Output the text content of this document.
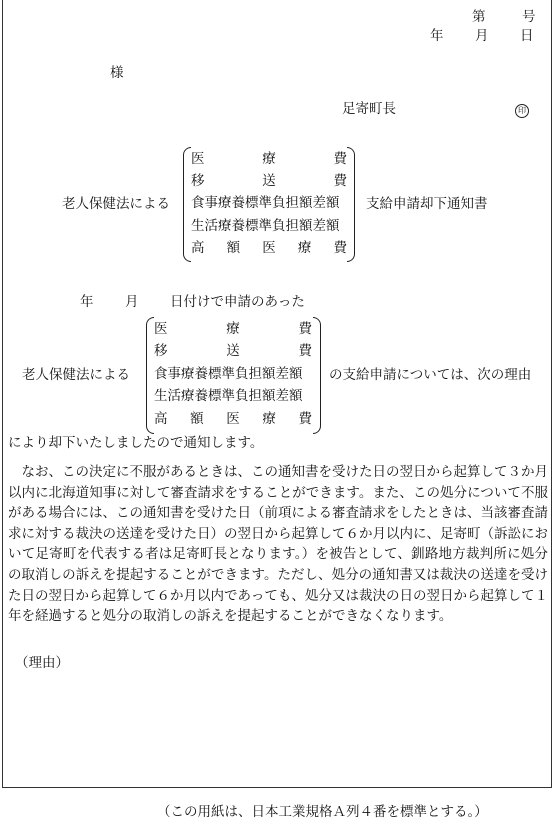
第	号
年 月 日
様
足寄町長	印
老人保健法による
医	療	費
移	送	費
食事療養標準負担額差額
生活療養標準負担額差額
高 額 医 療 費
支給申請却下通知書
年 月 日付けで申請のあった
老人保健法による
医	療	費
移	送	費
食事療養標準負担額差額
生活療養標準負担額差額
高 額 医 療 費
の支給申請については、次の理由
により却下いたしましたので通知します。
なお、この決定に不服があるときは、この通知書を受けた日の翌日から起算して３か月以内に北海道知事に対して審査請求をすることができます。また、この処分について不服がある場合には、この通知書を受けた日（前項による審査請求をしたときは、当該審査請求に対する裁決の送達を受けた日）の翌日から起算して６か月以内に、足寄町（訴訟において足寄町を代表する者は足寄町長となります。）を被告として、釧路地方裁判所に処分の取消しの訴えを提起することができます。ただし、処分の通知書又は裁決の送達を受けた日の翌日から起算して６か月以内であっても、処分又は裁決の日の翌日から起算して１年を経過すると処分の取消しの訴えを提起することができなくなります。
（理由）
（この用紙は、日本工業規格Ａ列４番を標準とする。）
